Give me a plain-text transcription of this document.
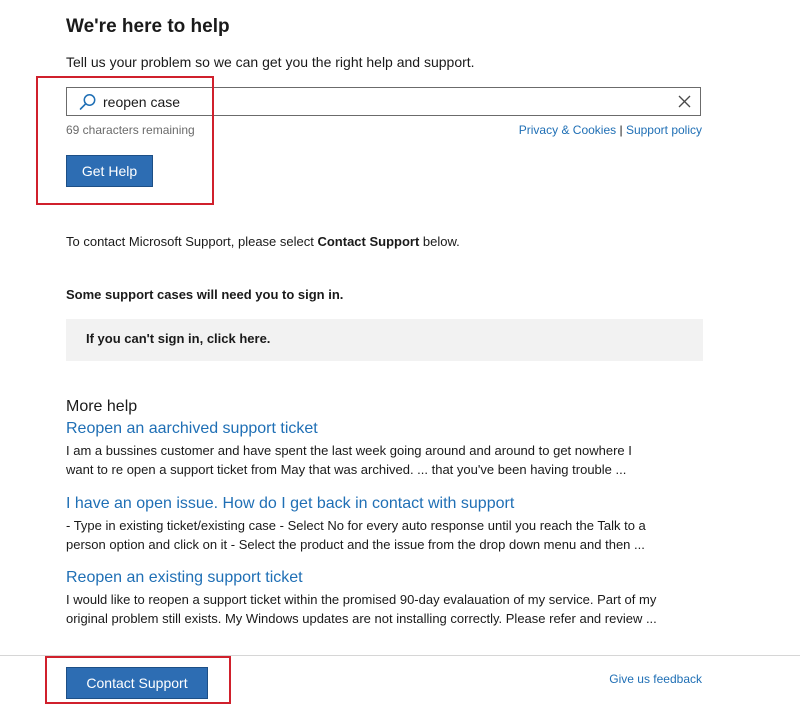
We're here to help
Tell us your problem so we can get you the right help and support.
reopen case
69 characters remaining	Privacy & Cookies | Support policy
Get Help
To contact Microsoft Support, please select Contact Support below.
Some support cases will need you to sign in.
If you can't sign in, click here.
More help
Reopen an aarchived support ticket
I am a bussines customer and have spent the last week going around and around to get nowhere I
want to re open a support ticket from May that was archived. ... that you've been having trouble ...
I have an open issue. How do I get back in contact with support
- Type in existing ticket/existing case - Select No for every auto response until you reach the Talk to a
person option and click on it - Select the product and the issue from the drop down menu and then ...
Reopen an existing support ticket
I would like to reopen a support ticket within the promised 90-day evalauation of my service. Part of my
original problem still exists. My Windows updates are not installing correctly. Please refer and review ...
Contact Support	Give us feedback
